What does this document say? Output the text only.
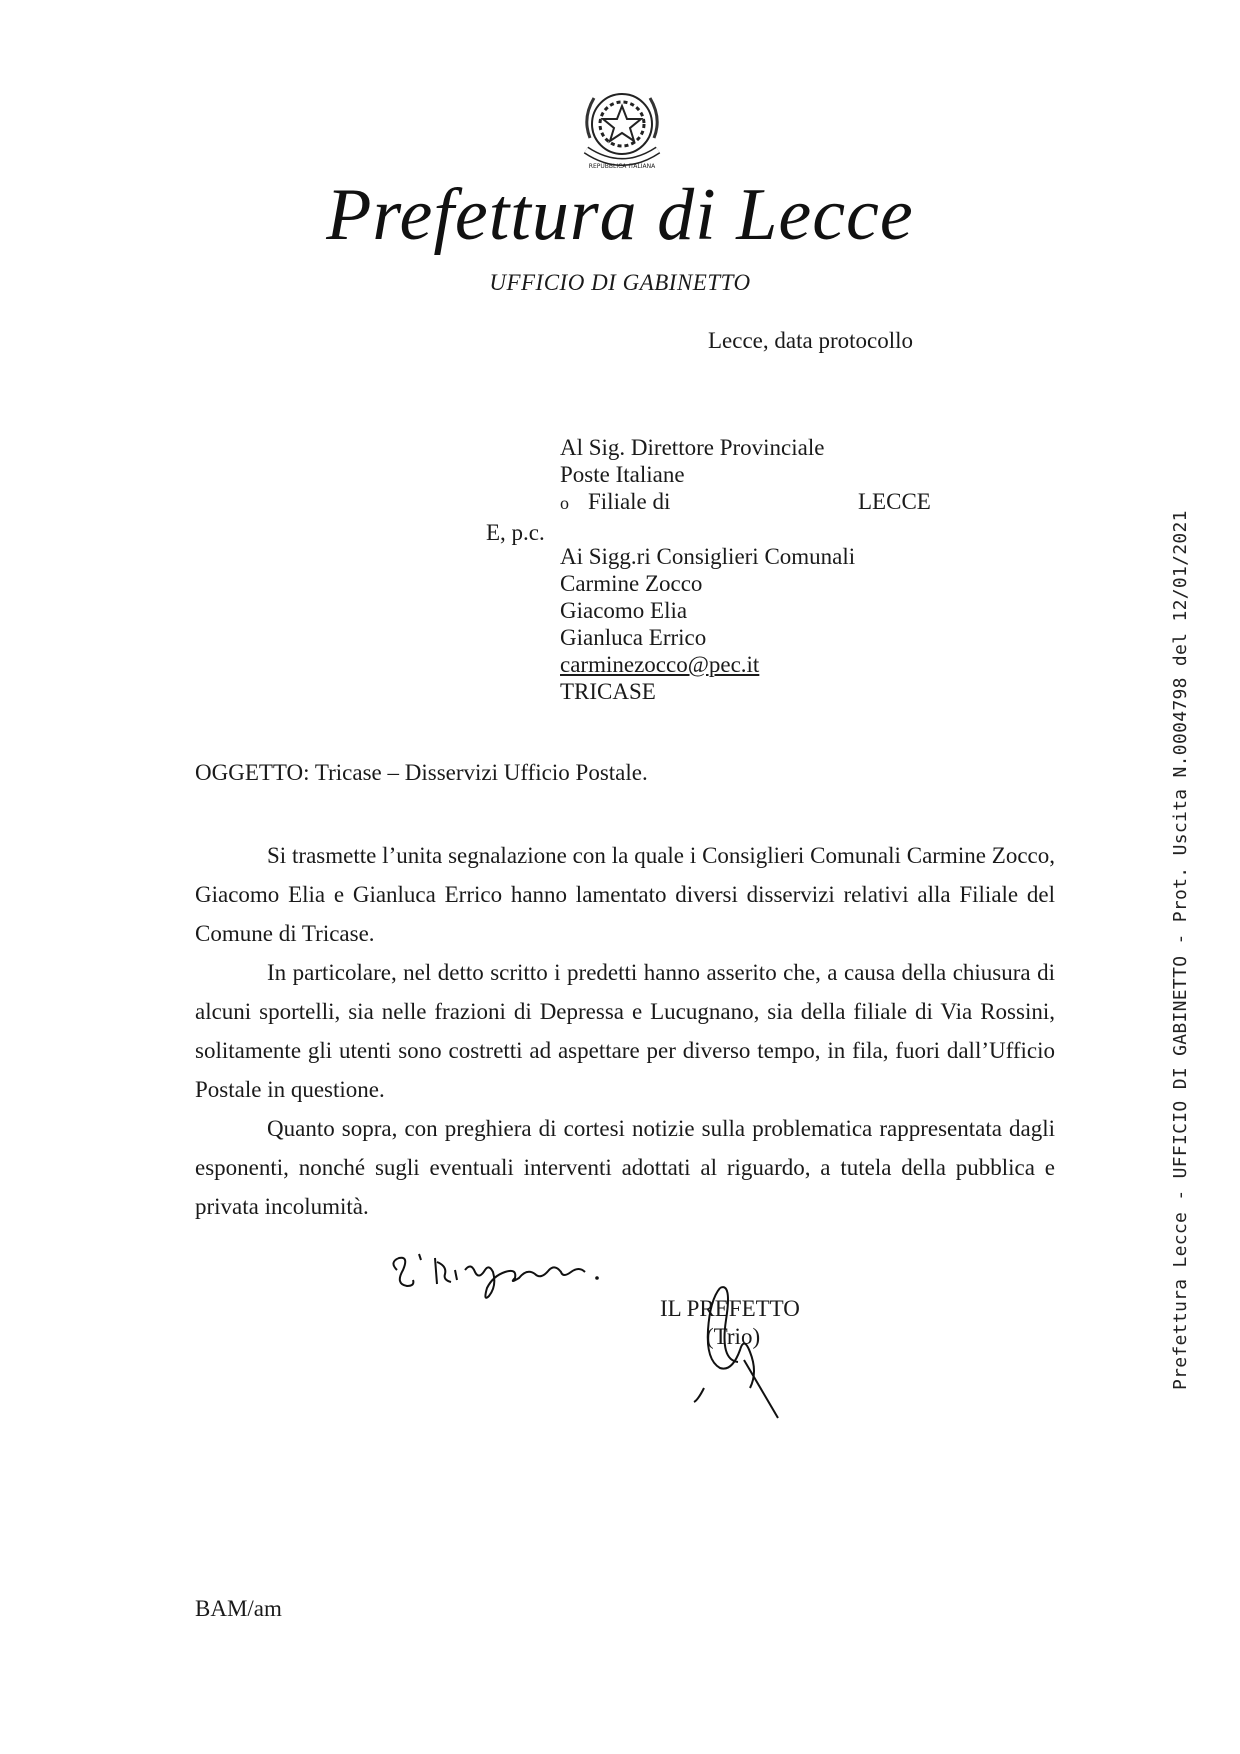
REPUBBLICA ITALIANA
Prefettura di Lecce
UFFICIO DI GABINETTO
Lecce, data protocollo
Al Sig. Direttore Provinciale
Poste Italiane
o Filiale di	LECCE
E, p.c.
Ai Sigg.ri Consiglieri Comunali
Carmine Zocco
Giacomo Elia
Gianluca Errico
carminezocco@pec.it
TRICASE
OGGETTO: Tricase – Disservizi Ufficio Postale.

Si trasmette l’unita segnalazione con la quale i Consiglieri Comunali Carmine Zocco, Giacomo Elia e Gianluca Errico hanno lamentato diversi disservizi relativi alla Filiale del Comune di Tricase.

In particolare, nel detto scritto i predetti hanno asserito che, a causa della chiusura di alcuni sportelli, sia nelle frazioni di Depressa e Lucugnano, sia della filiale di Via Rossini, solitamente gli utenti sono costretti ad aspettare per diverso tempo, in fila, fuori dall’Ufficio Postale in questione.

Quanto sopra, con preghiera di cortesi notizie sulla problematica rappresentata dagli esponenti, nonché sugli eventuali interventi adottati al riguardo, a tutela della pubblica e privata incolumità.

IL PREFETTO
(Trio)
BAM/am
Prefettura Lecce - UFFICIO DI GABINETTO - Prot. Uscita N.0004798 del 12/01/2021
